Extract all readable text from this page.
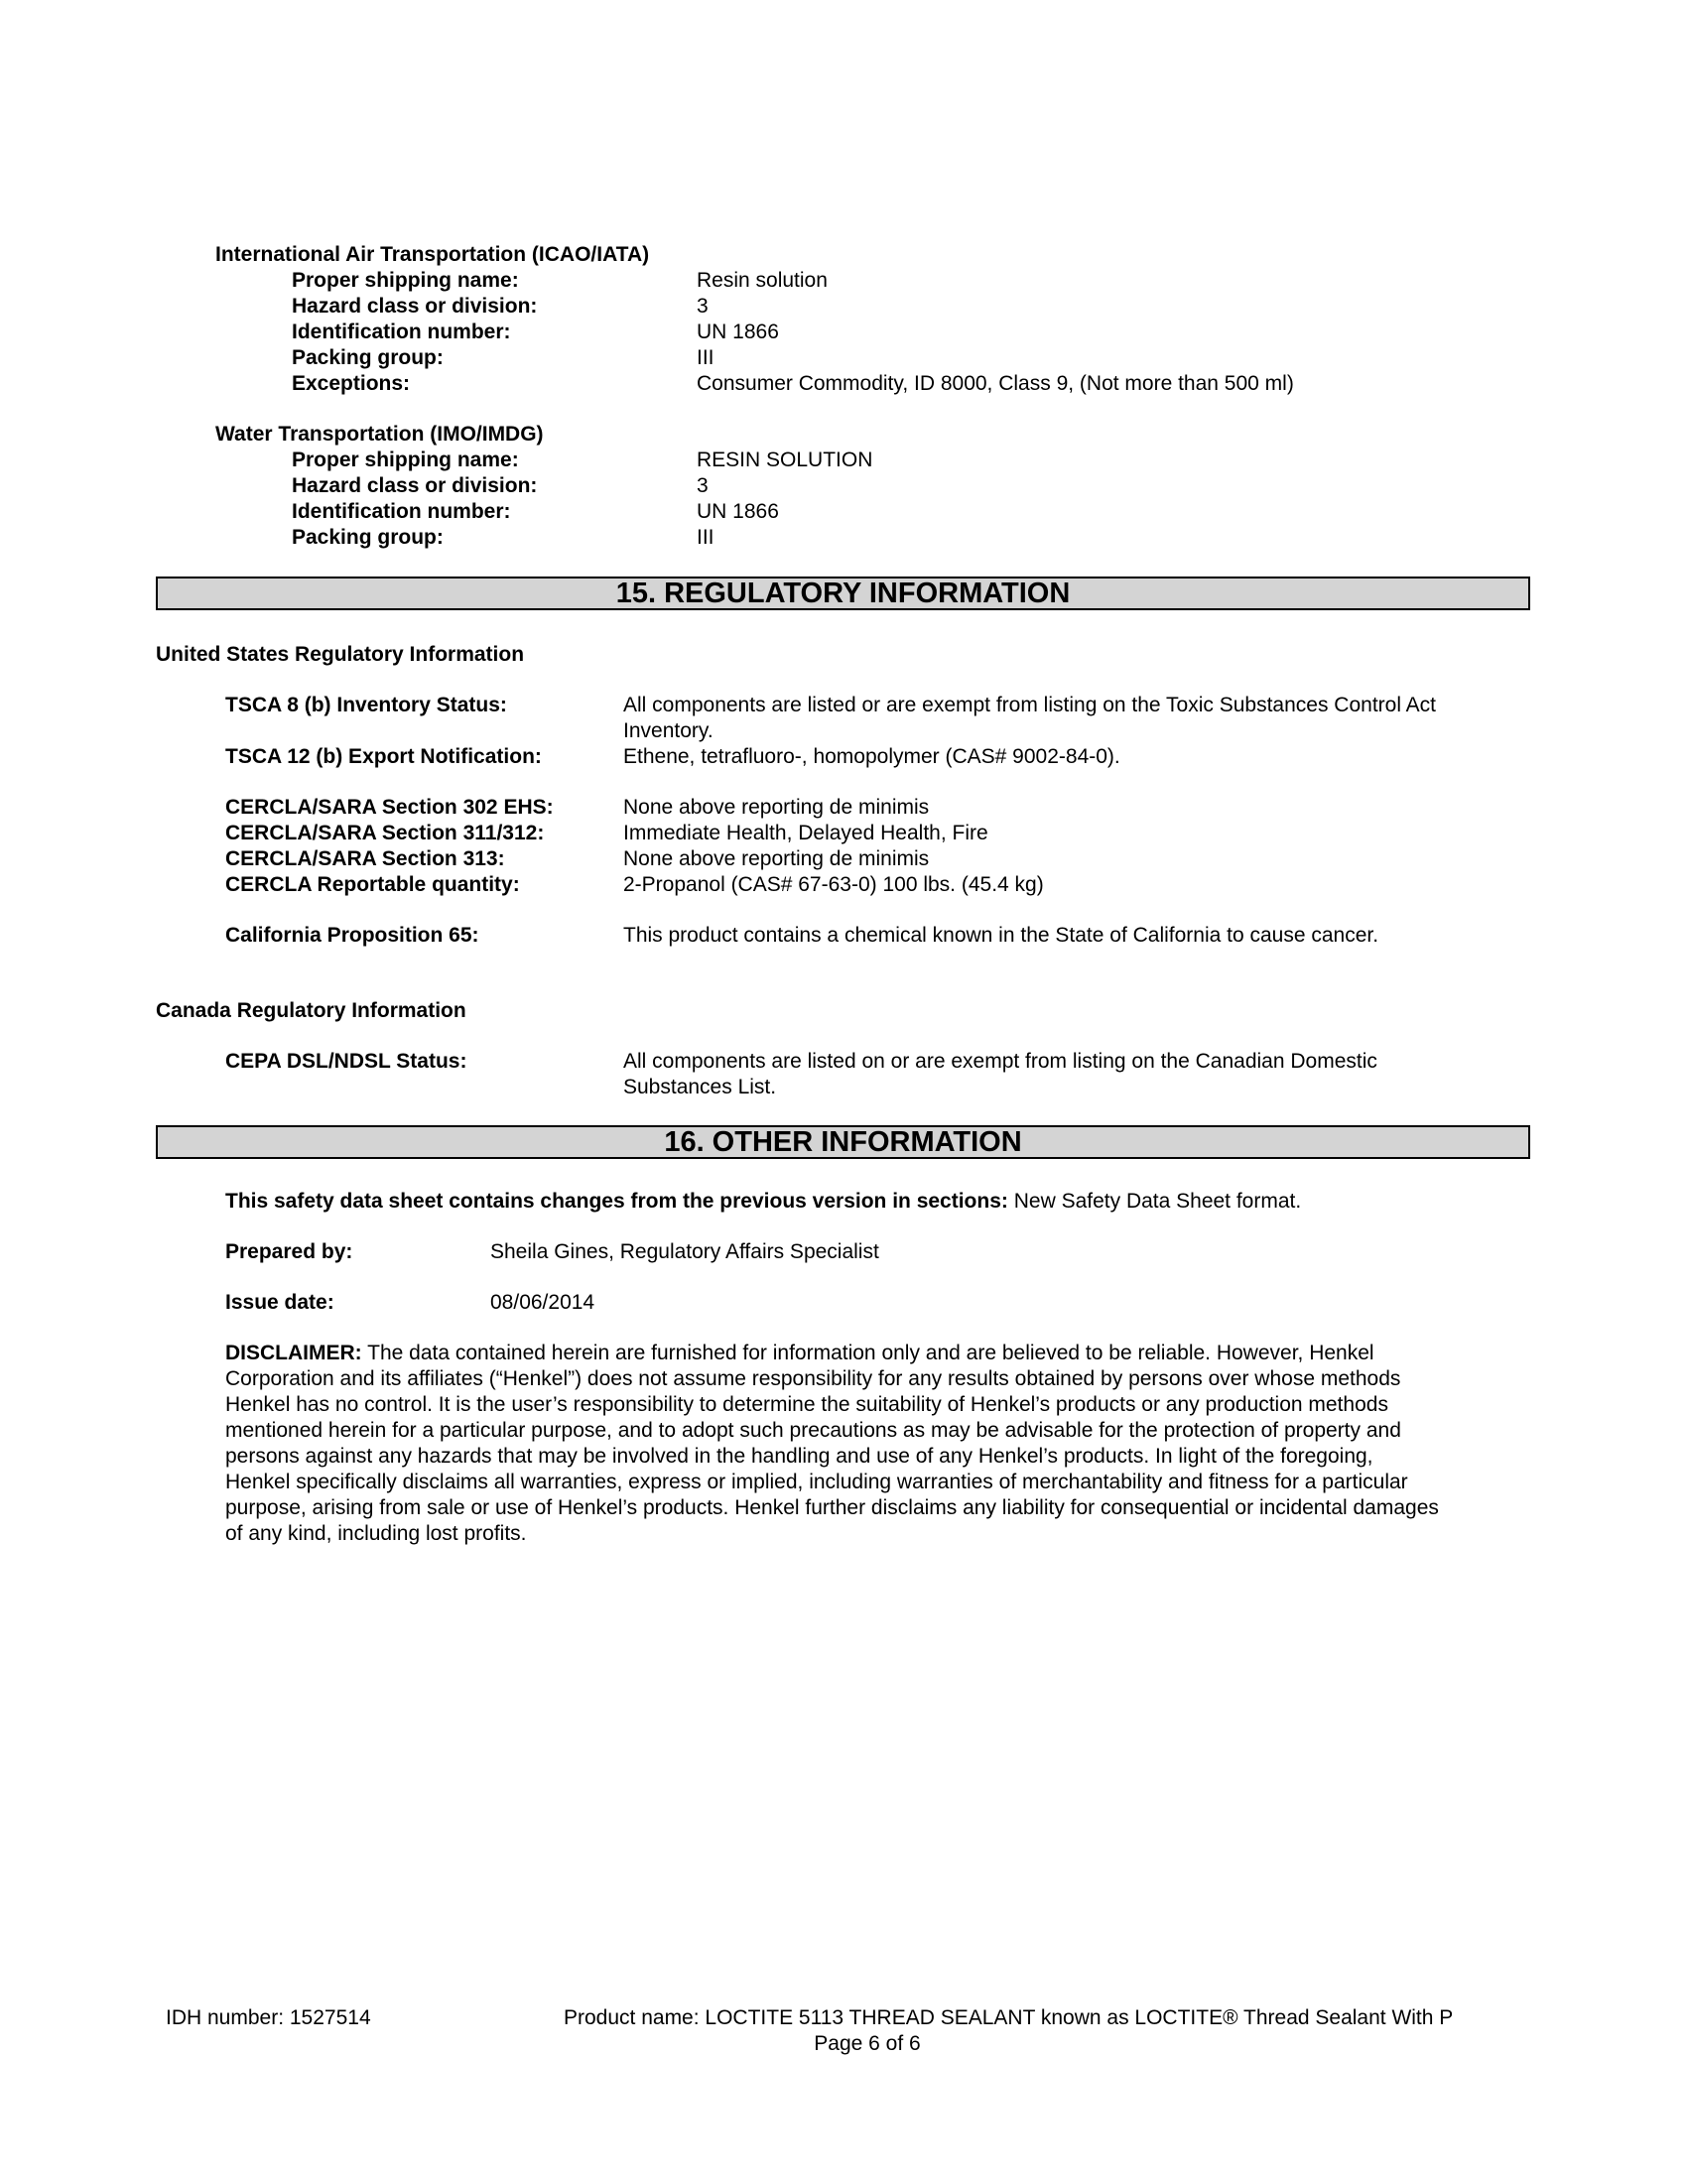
International Air Transportation (ICAO/IATA)
Proper shipping name:	Resin solution
Hazard class or division:	3
Identification number:	UN 1866
Packing group:	III
Exceptions:	Consumer Commodity, ID 8000, Class 9, (Not more than 500 ml)
Water Transportation (IMO/IMDG)
Proper shipping name:	RESIN SOLUTION
Hazard class or division:	3
Identification number:	UN 1866
Packing group:	III
15. REGULATORY INFORMATION
United States Regulatory Information
TSCA 8 (b) Inventory Status:	All components are listed or are exempt from listing on the Toxic Substances Control Act
Inventory.
TSCA 12 (b) Export Notification:	Ethene, tetrafluoro-, homopolymer (CAS# 9002-84-0).
CERCLA/SARA Section 302 EHS:	None above reporting de minimis
CERCLA/SARA Section 311/312:	Immediate Health, Delayed Health, Fire
CERCLA/SARA Section 313:	None above reporting de minimis
CERCLA Reportable quantity:	2-Propanol (CAS# 67-63-0) 100 lbs. (45.4 kg)
California Proposition 65:	This product contains a chemical known in the State of California to cause cancer.
Canada Regulatory Information
CEPA DSL/NDSL Status:	All components are listed on or are exempt from listing on the Canadian Domestic
Substances List.
16. OTHER INFORMATION
This safety data sheet contains changes from the previous version in sections: New Safety Data Sheet format.
Prepared by:	Sheila Gines, Regulatory Affairs Specialist
Issue date:	08/06/2014
DISCLAIMER: The data contained herein are furnished for information only and are believed to be reliable. However, Henkel
Corporation and its affiliates (“Henkel”) does not assume responsibility for any results obtained by persons over whose methods
Henkel has no control. It is the user’s responsibility to determine the suitability of Henkel’s products or any production methods
mentioned herein for a particular purpose, and to adopt such precautions as may be advisable for the protection of property and
persons against any hazards that may be involved in the handling and use of any Henkel’s products. In light of the foregoing,
Henkel specifically disclaims all warranties, express or implied, including warranties of merchantability and fitness for a particular
purpose, arising from sale or use of Henkel’s products. Henkel further disclaims any liability for consequential or incidental damages
of any kind, including lost profits.
IDH number: 1527514	Product name: LOCTITE 5113 THREAD SEALANT known as LOCTITE® Thread Sealant With P
Page 6 of 6
